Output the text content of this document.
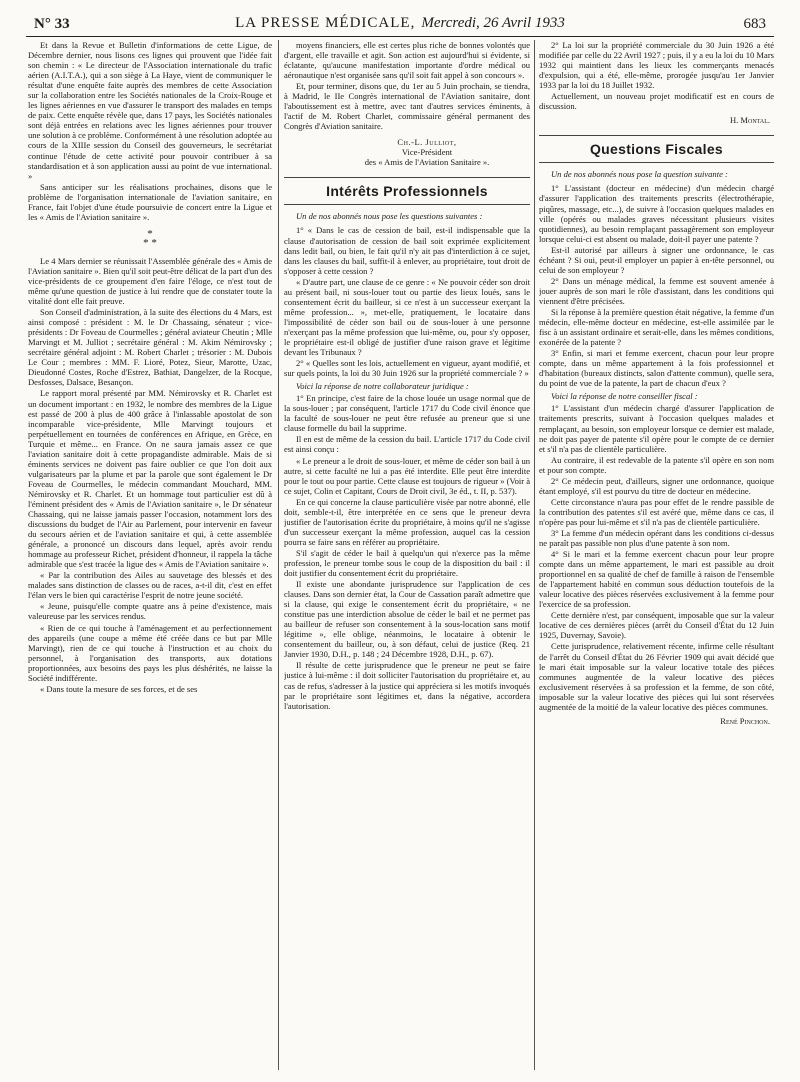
N° 33	LA PRESSE MÉDICALE, Mercredi, 26 Avril 1933	683

Et dans la Revue et Bulletin d'informations de cette Ligue, de Décembre dernier, nous lisons ces lignes qui prouvent que l'idée fait son chemin : « Le directeur de l'Association internationale du trafic aérien (A.I.T.A.), qui a son siège à La Haye, vient de communiquer le résultat d'une enquête faite auprès des membres de cette Association sur la collaboration entre les Sociétés nationales de la Croix-Rouge et les lignes aériennes en vue d'assurer le transport des malades en temps de paix. Cette enquête révèle que, dans 17 pays, les Sociétés nationales sont déjà entrées en relations avec les lignes aériennes pour trouver une solution à ce problème. Conformément à une résolution adoptée au cours de la XIIIe session du Conseil des gouverneurs, le secrétariat continue l'étude de cette activité pour pouvoir contribuer à sa standardisation et à son application aussi au point de vue international. »

Sans anticiper sur les réalisations prochaines, disons que le problème de l'organisation internationale de l'aviation sanitaire, en France, fait l'objet d'une étude poursuivie de concert entre la Ligue et les « Amis de l'Aviation sanitaire ».

*
* *

Le 4 Mars dernier se réunissait l'Assemblée générale des « Amis de l'Aviation sanitaire ». Bien qu'il soit peut-être délicat de la part d'un des vice-présidents de ce groupement d'en faire l'éloge, ce n'est tout de même qu'une question de justice à lui rendre que de constater toute la vitalité dont elle fait preuve.

Son Conseil d'administration, à la suite des élections du 4 Mars, est ainsi composé : président : M. le Dr Chassaing, sénateur ; vice-présidents : Dr Foveau de Courmelles ; général aviateur Cheutin ; Mlle Marvingt et M. Julliot ; secrétaire général : M. Akim Némirovsky ; secrétaire général adjoint : M. Robert Charlet ; trésorier : M. Dubois Le Cour ; membres : MM. F. Lioré, Potez, Sieur, Marotte, Uzac, Dieudonné Costes, Roche d'Estrez, Bathiat, Dangelzer, de la Rocque, Desfosses, Dalsace, Besançon.

Le rapport moral présenté par MM. Némirovsky et R. Charlet est un document important : en 1932, le nombre des membres de la Ligue est passé de 200 à plus de 400 grâce à l'inlassable apostolat de son incomparable vice-présidente, Mlle Marvingt toujours et perpétuellement en tournées de conférences en Afrique, en Grèce, en Turquie et même... en France. On ne saura jamais assez ce que l'aviation sanitaire doit à cette propagandiste admirable. Mais de si éminents services ne doivent pas faire oublier ce que l'on doit aux vulgarisateurs par la plume et par la parole que sont également le Dr Foveau de Courmelles, le médecin commandant Mouchard, MM. Némirovsky et R. Charlet. Et un hommage tout particulier est dû à l'éminent président des « Amis de l'Aviation sanitaire », le Dr sénateur Chassaing, qui ne laisse jamais passer l'occasion, notamment lors des discussions du budget de l'Air au Parlement, pour intervenir en faveur du secours aérien et de l'aviation sanitaire et qui, à cette assemblée générale, a prononcé un discours dans lequel, après avoir rendu hommage au professeur Richet, président d'honneur, il rappela la tâche admirable que s'est tracée la ligue des « Amis de l'Aviation sanitaire ».

« Par la contribution des Ailes au sauvetage des blessés et des malades sans distinction de classes ou de races, a-t-il dit, c'est en effet l'élan vers le bien qui caractérise l'esprit de notre jeune société.

« Jeune, puisqu'elle compte quatre ans à peine d'existence, mais valeureuse par les services rendus.

« Rien de ce qui touche à l'aménagement et au perfectionnement des appareils (une coupe a même été créée dans ce but par Mlle Marvingt), rien de ce qui touche à l'instruction et au choix du personnel, à l'organisation des transports, aux dotations proportionnées, aux besoins des pays les plus déshérités, ne laisse la Société indifférente.

« Dans toute la mesure de ses forces, et de ses

moyens financiers, elle est certes plus riche de bonnes volontés que d'argent, elle travaille et agit. Son action est aujourd'hui si évidente, si éclatante, qu'aucune manifestation importante d'ordre médical ou aéronautique n'est organisée sans qu'il soit fait appel à son concours ».

Et, pour terminer, disons que, du 1er au 5 Juin prochain, se tiendra, à Madrid, le IIe Congrès international de l'Aviation sanitaire, dont l'aboutissement est à mettre, avec tant d'autres services éminents, à l'actif de M. Robert Charlet, commissaire général permanent des Congrès d'Aviation sanitaire.

Ch.-L. Julliot,
Vice-Président
des « Amis de l'Aviation Sanitaire ».
Intérêts Professionnels

Un de nos abonnés nous pose les questions suivantes :

1° « Dans le cas de cession de bail, est-il indispensable que la clause d'autorisation de cession de bail soit exprimée explicitement dans ledit bail, ou bien, le fait qu'il n'y ait pas d'interdiction à ce sujet, dans les clauses du bail, suffit-il à enlever, au propriétaire, tout droit de s'opposer à cette cession ?

« D'autre part, une clause de ce genre : « Ne pouvoir céder son droit au présent bail, ni sous-louer tout ou partie des lieux loués, sans le consentement écrit du bailleur, si ce n'est à un successeur exerçant la même profession... », met-elle, pratiquement, le locataire dans l'impossibilité de céder son bail ou de sous-louer à une personne n'exerçant pas la même profession que lui-même, ou, pour s'y opposer, le propriétaire est-il obligé de justifier d'une raison grave et légitime devant les Tribunaux ?

2° « Quelles sont les lois, actuellement en vigueur, ayant modifié, et sur quels points, la loi du 30 Juin 1926 sur la propriété commerciale ? »

Voici la réponse de notre collaborateur juridique :

1° En principe, c'est faire de la chose louée un usage normal que de la sous-louer ; par conséquent, l'article 1717 du Code civil énonce que la faculté de sous-louer ne peut être refusée au preneur que si une clause formelle du bail la supprime.

Il en est de même de la cession du bail. L'article 1717 du Code civil est ainsi conçu :

« Le preneur a le droit de sous-louer, et même de céder son bail à un autre, si cette faculté ne lui a pas été interdite. Elle peut être interdite pour le tout ou pour partie. Cette clause est toujours de rigueur » (Voir à ce sujet, Colin et Capitant, Cours de Droit civil, 3e éd., t. II, p. 537).

En ce qui concerne la clause particulière visée par notre abonné, elle doit, semble-t-il, être interprétée en ce sens que le preneur devra justifier de l'autorisation écrite du propriétaire, à moins qu'il ne s'agisse d'un successeur exerçant la même profession, auquel cas la cession pourra se faire sans en référer au propriétaire.

S'il s'agit de céder le bail à quelqu'un qui n'exerce pas la même profession, le preneur tombe sous le coup de la disposition du bail : il doit justifier du consentement écrit du propriétaire.

Il existe une abondante jurisprudence sur l'application de ces clauses. Dans son dernier état, la Cour de Cassation paraît admettre que si la clause, qui exige le consentement écrit du propriétaire, « ne constitue pas une interdiction absolue de céder le bail et ne permet pas au bailleur de refuser son consentement à la sous-location sans motif légitime », elle oblige, néanmoins, le locataire à obtenir le consentement du bailleur, ou, à son défaut, celui de justice (Req. 21 Janvier 1930, D.H., p. 148 ; 24 Décembre 1928, D.H., p. 67).

Il résulte de cette jurisprudence que le preneur ne peut se faire justice à lui-même : il doit solliciter l'autorisation du propriétaire et, au cas de refus, s'adresser à la justice qui appréciera si les motifs invoqués par le propriétaire sont légitimes et, dans la négative, accordera l'autorisation.

2° La loi sur la propriété commerciale du 30 Juin 1926 a été modifiée par celle du 22 Avril 1927 ; puis, il y a eu la loi du 10 Mars 1932 qui maintient dans les lieux les commerçants menacés d'expulsion, qui a été, elle-même, prorogée jusqu'au 1er Janvier 1933 par la loi du 18 Juillet 1932.

Actuellement, un nouveau projet modificatif est en cours de discussion.

H. Montal.
Questions Fiscales

Un de nos abonnés nous pose la question suivante :

1° L'assistant (docteur en médecine) d'un médecin chargé d'assurer l'application des traitements prescrits (électrothérapie, piqûres, massage, etc...), de suivre à l'occasion quelques malades en ville (opérés ou malades graves nécessitant plusieurs visites quotidiennes), au besoin remplaçant passagèrement son employeur lorsque celui-ci est absent ou malade, doit-il payer une patente ?

Est-il autorisé par ailleurs à signer une ordonnance, le cas échéant ? Si oui, peut-il employer un papier à en-tête personnel, ou celui de son employeur ?

2° Dans un ménage médical, la femme est souvent amenée à jouer auprès de son mari le rôle d'assistant, dans les conditions qui viennent d'être précisées.

Si la réponse à la première question était négative, la femme d'un médecin, elle-même docteur en médecine, est-elle assimilée par le fisc à un assistant ordinaire et serait-elle, dans les mêmes conditions, exonérée de la patente ?

3° Enfin, si mari et femme exercent, chacun pour leur propre compte, dans un même appartement à la fois professionnel et d'habitation (bureaux distincts, salon d'attente commun), quelle sera, du point de vue de la patente, la part de chacun d'eux ?

Voici la réponse de notre conseiller fiscal :

1° L'assistant d'un médecin chargé d'assurer l'application de traitements prescrits, suivant à l'occasion quelques malades et remplaçant, au besoin, son employeur lorsque ce dernier est malade, ne doit pas payer de patente s'il opère pour le compte de ce dernier et s'il n'a pas de clientèle particulière.

Au contraire, il est redevable de la patente s'il opère en son nom et pour son compte.

2° Ce médecin peut, d'ailleurs, signer une ordonnance, quoique étant employé, s'il est pourvu du titre de docteur en médecine.

Cette circonstance n'aura pas pour effet de le rendre passible de la contribution des patentes s'il est avéré que, même dans ce cas, il n'opère pas pour lui-même et s'il n'a pas de clientèle particulière.

3° La femme d'un médecin opérant dans les conditions ci-dessus ne paraît pas passible non plus d'une patente à son nom.

4° Si le mari et la femme exercent chacun pour leur propre compte dans un même appartement, le mari est passible au droit proportionnel en sa qualité de chef de famille à raison de l'ensemble de l'appartement habité en commun sous déduction toutefois de la valeur locative des pièces réservées exclusivement à la femme pour l'exercice de sa profession.

Cette dernière n'est, par conséquent, imposable que sur la valeur locative de ces dernières pièces (arrêt du Conseil d'État du 12 Juin 1925, Duvernay, Savoie).

Cette jurisprudence, relativement récente, infirme celle résultant de l'arrêt du Conseil d'État du 26 Février 1909 qui avait décidé que le mari était imposable sur la valeur locative totale des pièces communes augmentée de la valeur locative des pièces exclusivement réservées à sa profession et la femme, de son côté, imposable sur la valeur locative des pièces qui lui sont réservées augmentée de la moitié de la valeur locative des pièces communes.

René Pinchon.
